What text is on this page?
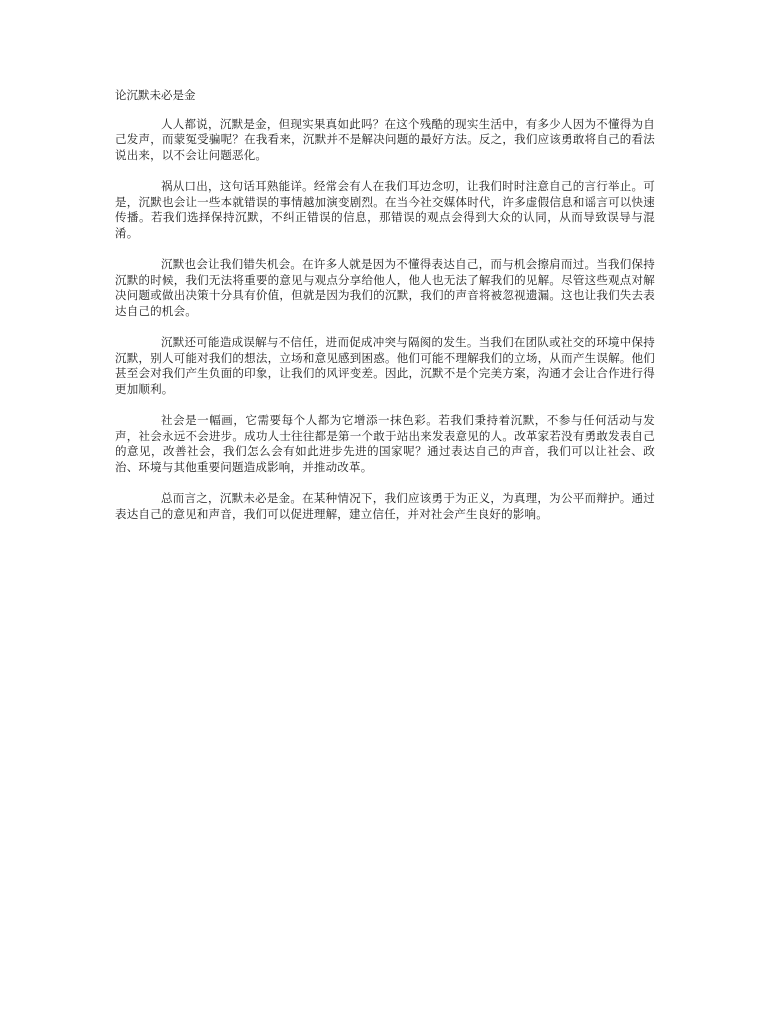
论沉默未必是金

人人都说，沉默是金，但现实果真如此吗？在这个残酷的现实生活中，有多少人因为不懂得为自己发声，而蒙冤受骗呢？在我看来，沉默并不是解决问题的最好方法。反之，我们应该勇敢将自己的看法说出来，以不会让问题恶化。

祸从口出，这句话耳熟能详。经常会有人在我们耳边念叨，让我们时时注意自己的言行举止。可是，沉默也会让一些本就错误的事情越加演变剧烈。在当今社交媒体时代，许多虚假信息和谣言可以快速传播。若我们选择保持沉默，不纠正错误的信息，那错误的观点会得到大众的认同，从而导致误导与混淆。

沉默也会让我们错失机会。在许多人就是因为不懂得表达自己，而与机会擦肩而过。当我们保持沉默的时候，我们无法将重要的意见与观点分享给他人，他人也无法了解我们的见解。尽管这些观点对解决问题或做出决策十分具有价值，但就是因为我们的沉默，我们的声音将被忽视遗漏。这也让我们失去表达自己的机会。

沉默还可能造成误解与不信任，进而促成冲突与隔阂的发生。当我们在团队或社交的环境中保持沉默，别人可能对我们的想法，立场和意见感到困惑。他们可能不理解我们的立场，从而产生误解。他们甚至会对我们产生负面的印象，让我们的风评变差。因此，沉默不是个完美方案，沟通才会让合作进行得更加顺利。

社会是一幅画，它需要每个人都为它增添一抹色彩。若我们秉持着沉默，不参与任何活动与发声，社会永远不会进步。成功人士往往都是第一个敢于站出来发表意见的人。改革家若没有勇敢发表自己的意见，改善社会，我们怎么会有如此进步先进的国家呢？通过表达自己的声音，我们可以让社会、政治、环境与其他重要问题造成影响，并推动改革。

总而言之，沉默未必是金。在某种情况下，我们应该勇于为正义，为真理，为公平而辩护。通过表达自己的意见和声音，我们可以促进理解，建立信任，并对社会产生良好的影响。
